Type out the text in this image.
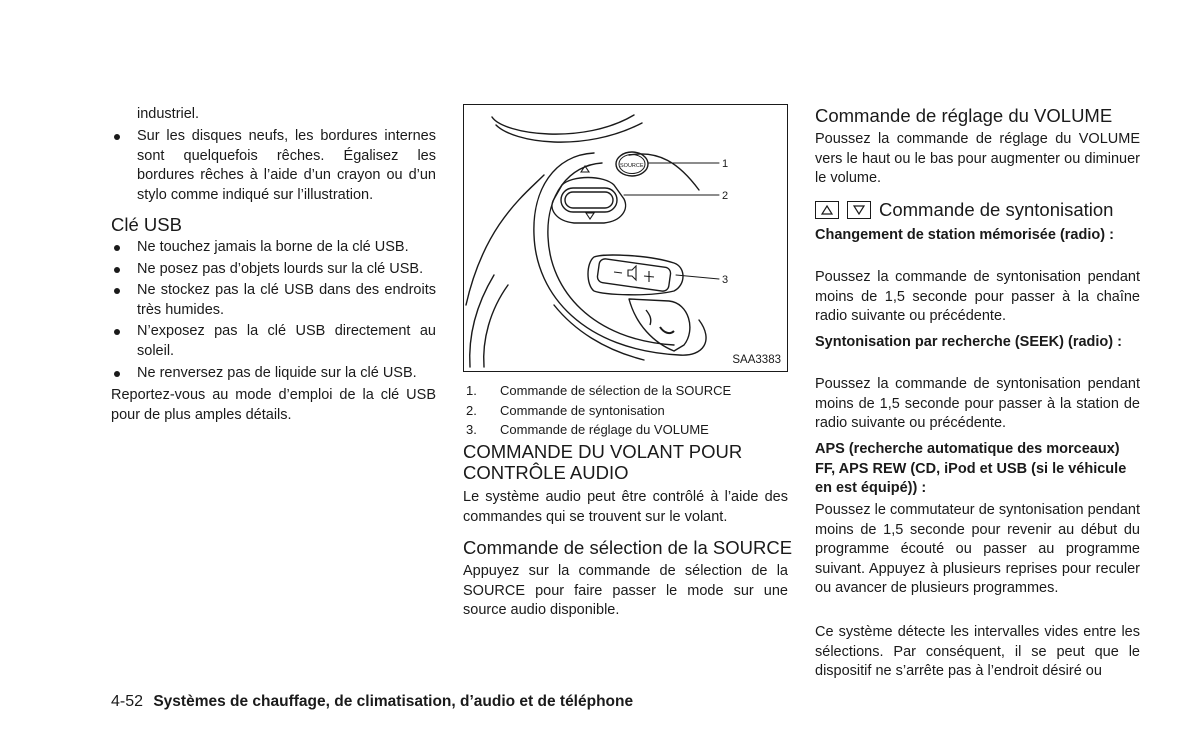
industriel.

Sur les disques neufs, les bordures internes sont quelquefois rêches. Égalisez les bordures rêches à l’aide d’un crayon ou d’un stylo comme indiqué sur l’illustration.
Clé USB
Ne touchez jamais la borne de la clé USB.
Ne posez pas d’objets lourds sur la clé USB.
Ne stockez pas la clé USB dans des endroits très humides.
N’exposez pas la clé USB directement au soleil.
Ne renversez pas de liquide sur la clé USB.

Reportez-vous au mode d’emploi de la clé USB pour de plus amples détails.

SOURCE	1
2
3
SAA3383
1. Commande de sélection de la SOURCE
2. Commande de syntonisation
3. Commande de réglage du VOLUME
COMMANDE DU VOLANT POUR
CONTRÔLE AUDIO

Le système audio peut être contrôlé à l’aide des commandes qui se trouvent sur le volant.

Commande de sélection de la SOURCE

Appuyez sur la commande de sélection de la SOURCE pour faire passer le mode sur une source audio disponible.

Commande de réglage du VOLUME

Poussez la commande de réglage du VOLUME vers le haut ou le bas pour augmenter ou diminuer le volume.

Commande de syntonisation

Changement de station mémorisée (radio) :

Poussez la commande de syntonisation pendant moins de 1,5 seconde pour passer à la chaîne radio suivante ou précédente.

Syntonisation par recherche (SEEK) (radio) :

Poussez la commande de syntonisation pendant moins de 1,5 seconde pour passer à la station de radio suivante ou précédente.

APS (recherche automatique des morceaux) FF, APS REW (CD, iPod et USB (si le véhicule en est équipé)) :

Poussez le commutateur de syntonisation pendant moins de 1,5 seconde pour revenir au début du programme écouté ou passer au programme suivant. Appuyez à plusieurs reprises pour reculer ou avancer de plusieurs programmes.

Ce système détecte les intervalles vides entre les sélections. Par conséquent, il se peut que le dispositif ne s’arrête pas à l’endroit désiré ou

4-52 Systèmes de chauffage, de climatisation, d’audio et de téléphone
